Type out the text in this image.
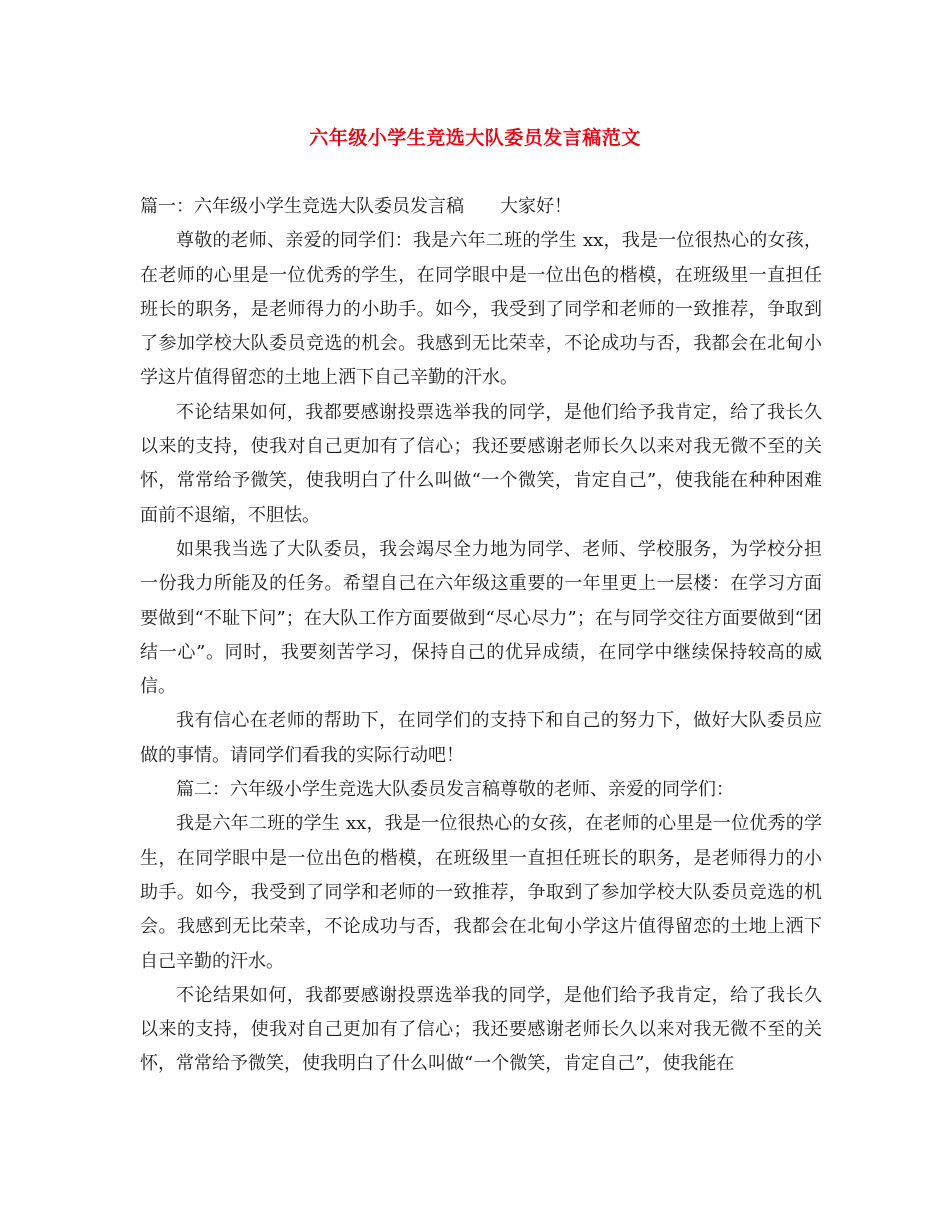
六年级小学生竞选大队委员发言稿范文

篇一：六年级小学生竞选大队委员发言稿　　大家好！

尊敬的老师、亲爱的同学们：我是六年二班的学生 xx，我是一位很热心的女孩，在老师的心里是一位优秀的学生，在同学眼中是一位出色的楷模，在班级里一直担任班长的职务，是老师得力的小助手。如今，我受到了同学和老师的一致推荐，争取到了参加学校大队委员竞选的机会。我感到无比荣幸，不论成功与否，我都会在北甸小学这片值得留恋的土地上洒下自己辛勤的汗水。

不论结果如何，我都要感谢投票选举我的同学，是他们给予我肯定，给了我长久以来的支持，使我对自己更加有了信心；我还要感谢老师长久以来对我无微不至的关怀，常常给予微笑，使我明白了什么叫做“一个微笑，肯定自己”，使我能在种种困难面前不退缩，不胆怯。

如果我当选了大队委员，我会竭尽全力地为同学、老师、学校服务，为学校分担一份我力所能及的任务。希望自己在六年级这重要的一年里更上一层楼：在学习方面要做到“不耻下问”；在大队工作方面要做到“尽心尽力”；在与同学交往方面要做到“团结一心”。同时，我要刻苦学习，保持自己的优异成绩，在同学中继续保持较高的威信。

我有信心在老师的帮助下，在同学们的支持下和自己的努力下，做好大队委员应做的事情。请同学们看我的实际行动吧！

篇二：六年级小学生竞选大队委员发言稿尊敬的老师、亲爱的同学们：

我是六年二班的学生 xx，我是一位很热心的女孩，在老师的心里是一位优秀的学生，在同学眼中是一位出色的楷模，在班级里一直担任班长的职务，是老师得力的小助手。如今，我受到了同学和老师的一致推荐，争取到了参加学校大队委员竞选的机会。我感到无比荣幸，不论成功与否，我都会在北甸小学这片值得留恋的土地上洒下自己辛勤的汗水。

不论结果如何，我都要感谢投票选举我的同学，是他们给予我肯定，给了我长久以来的支持，使我对自己更加有了信心；我还要感谢老师长久以来对我无微不至的关怀，常常给予微笑，使我明白了什么叫做“一个微笑，肯定自己”，使我能在
